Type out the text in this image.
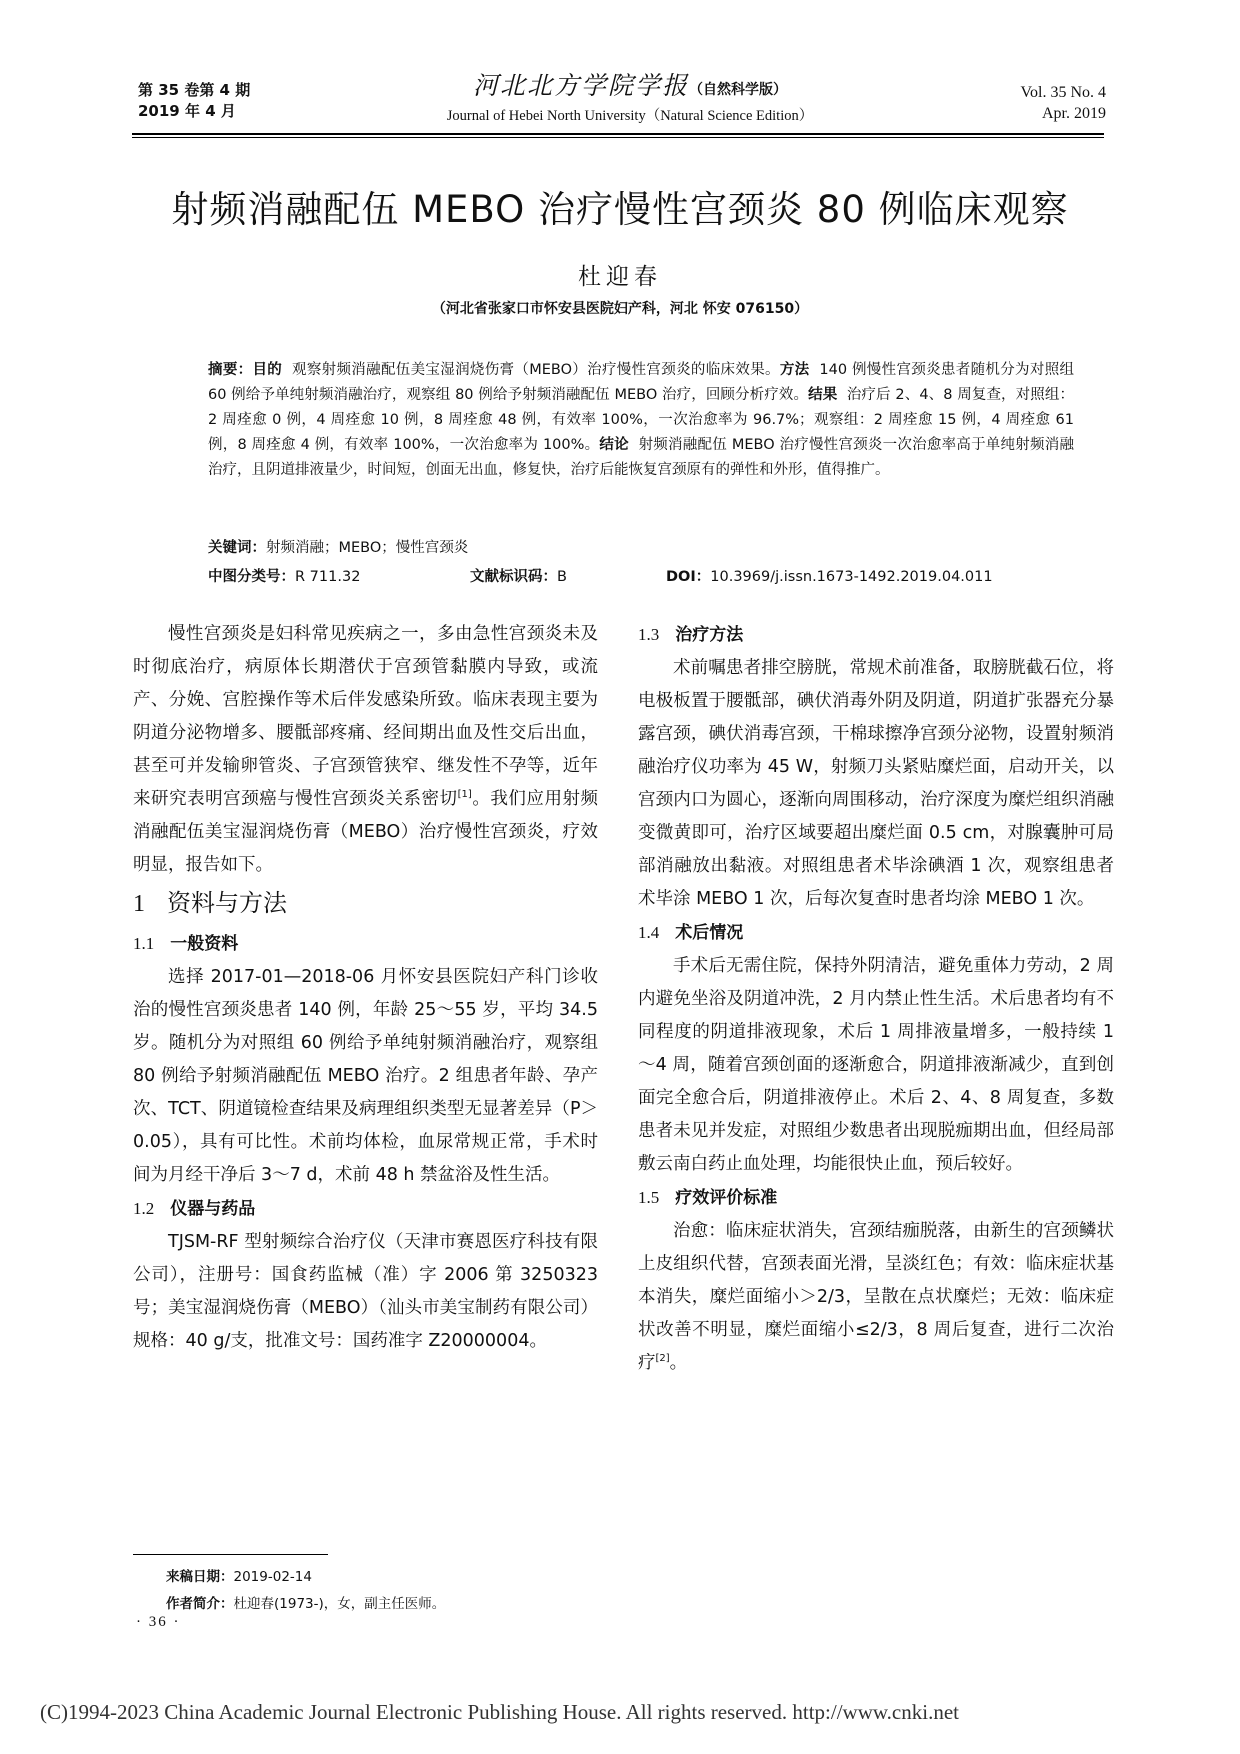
第 35 卷第 4 期
2019 年 4 月
河北北方学院学报（自然科学版）
Journal of Hebei North University（Natural Science Edition）
Vol. 35 No. 4
Apr. 2019
射频消融配伍 MEBO 治疗慢性宫颈炎 80 例临床观察
杜迎春
（河北省张家口市怀安县医院妇产科，河北 怀安 076150）
摘要：目的 观察射频消融配伍美宝湿润烧伤膏（MEBO）治疗慢性宫颈炎的临床效果。方法 140 例慢性宫颈炎患者随机分为对照组 60 例给予单纯射频消融治疗，观察组 80 例给予射频消融配伍 MEBO 治疗，回顾分析疗效。结果 治疗后 2、4、8 周复查，对照组：2 周痊愈 0 例，4 周痊愈 10 例，8 周痊愈 48 例，有效率 100%，一次治愈率为 96.7%；观察组：2 周痊愈 15 例，4 周痊愈 61 例，8 周痊愈 4 例，有效率 100%，一次治愈率为 100%。结论 射频消融配伍 MEBO 治疗慢性宫颈炎一次治愈率高于单纯射频消融治疗，且阴道排液量少，时间短，创面无出血，修复快，治疗后能恢复宫颈原有的弹性和外形，值得推广。
关键词：射频消融；MEBO；慢性宫颈炎
中图分类号：R 711.32	文献标识码：B	DOI：10.3969/j.issn.1673-1492.2019.04.011

慢性宫颈炎是妇科常见疾病之一，多由急性宫颈炎未及时彻底治疗，病原体长期潜伏于宫颈管黏膜内导致，或流产、分娩、宫腔操作等术后伴发感染所致。临床表现主要为阴道分泌物增多、腰骶部疼痛、经间期出血及性交后出血，甚至可并发输卵管炎、子宫颈管狭窄、继发性不孕等，近年来研究表明宫颈癌与慢性宫颈炎关系密切[1]。我们应用射频消融配伍美宝湿润烧伤膏（MEBO）治疗慢性宫颈炎，疗效明显，报告如下。

1 资料与方法
1.1 一般资料

选择 2017-01—2018-06 月怀安县医院妇产科门诊收治的慢性宫颈炎患者 140 例，年龄 25～55 岁，平均 34.5 岁。随机分为对照组 60 例给予单纯射频消融治疗，观察组 80 例给予射频消融配伍 MEBO 治疗。2 组患者年龄、孕产次、TCT、阴道镜检查结果及病理组织类型无显著差异（P＞0.05），具有可比性。术前均体检，血尿常规正常，手术时间为月经干净后 3～7 d，术前 48 h 禁盆浴及性生活。

1.2 仪器与药品

TJSM-RF 型射频综合治疗仪（天津市赛恩医疗科技有限公司），注册号：国食药监械（准）字 2006 第 3250323 号；美宝湿润烧伤膏（MEBO）（汕头市美宝制药有限公司）规格：40 g/支，批准文号：国药准字 Z20000004。

1.3 治疗方法

术前嘱患者排空膀胱，常规术前准备，取膀胱截石位，将电极板置于腰骶部，碘伏消毒外阴及阴道，阴道扩张器充分暴露宫颈，碘伏消毒宫颈，干棉球擦净宫颈分泌物，设置射频消融治疗仪功率为 45 W，射频刀头紧贴糜烂面，启动开关，以宫颈内口为圆心，逐渐向周围移动，治疗深度为糜烂组织消融变微黄即可，治疗区域要超出糜烂面 0.5 cm，对腺囊肿可局部消融放出黏液。对照组患者术毕涂碘酒 1 次，观察组患者术毕涂 MEBO 1 次，后每次复查时患者均涂 MEBO 1 次。

1.4 术后情况

手术后无需住院，保持外阴清洁，避免重体力劳动，2 周内避免坐浴及阴道冲洗，2 月内禁止性生活。术后患者均有不同程度的阴道排液现象，术后 1 周排液量增多，一般持续 1～4 周，随着宫颈创面的逐渐愈合，阴道排液渐减少，直到创面完全愈合后，阴道排液停止。术后 2、4、8 周复查，多数患者未见并发症，对照组少数患者出现脱痂期出血，但经局部敷云南白药止血处理，均能很快止血，预后较好。

1.5 疗效评价标准

治愈：临床症状消失，宫颈结痂脱落，由新生的宫颈鳞状上皮组织代替，宫颈表面光滑，呈淡红色；有效：临床症状基本消失，糜烂面缩小＞2/3，呈散在点状糜烂；无效：临床症状改善不明显，糜烂面缩小≤2/3，8 周后复查，进行二次治疗[2]。

来稿日期：2019-02-14
作者简介：杜迎春(1973-)，女，副主任医师。
· 36 ·
(C)1994-2023 China Academic Journal Electronic Publishing House. All rights reserved. http://www.cnki.net
